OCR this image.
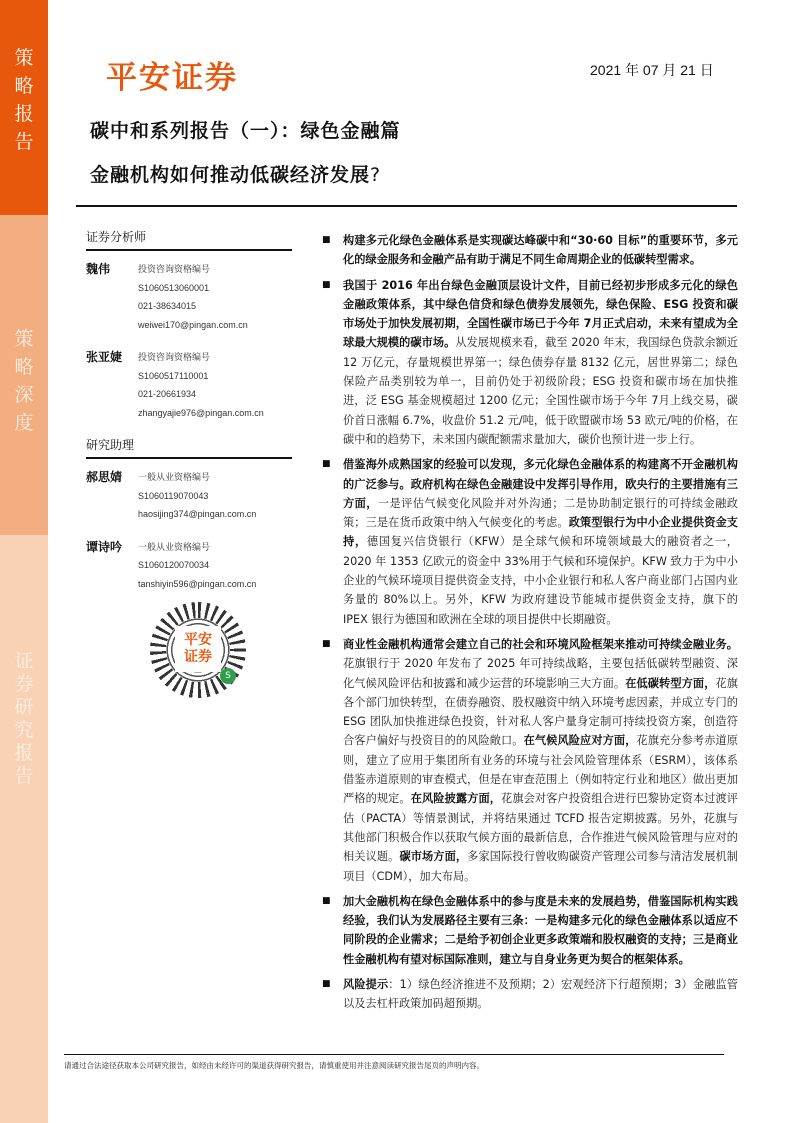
策
略
报
告
策
略
深
度
证
券
研
究
报
告
平安证券	2021 年 07 月 21 日
碳中和系列报告（一）：绿色金融篇
金融机构如何推动低碳经济发展?
证券分析师
魏伟	投资咨询资格编号
S1060513060001
021-38634015
weiwei170@pingan.com.cn
张亚婕	投资咨询资格编号
S1060517110001
021-20661934
zhangyajie976@pingan.com.cn
研究助理
郝思婧	一般从业资格编号
S1060119070043
haosijing374@pingan.com.cn
谭诗吟	一般从业资格编号
S1060120070034
tanshiyin596@pingan.com.cn
平安
证券
S
■	构建多元化绿色金融体系是实现碳达峰碳中和“30·60 目标”的重要环节，多元化的绿金服务和金融产品有助于满足不同生命周期企业的低碳转型需求。
■	我国于 2016 年出台绿色金融顶层设计文件，目前已经初步形成多元化的绿色金融政策体系，其中绿色信贷和绿色债券发展领先，绿色保险、ESG 投资和碳市场处于加快发展初期，全国性碳市场已于今年 7月正式启动，未来有望成为全球最大规模的碳市场。从发展规模来看，截至 2020 年末，我国绿色贷款余额近 12 万亿元，存量规模世界第一；绿色债券存量 8132 亿元，居世界第二；绿色保险产品类别较为单一，目前仍处于初级阶段；ESG 投资和碳市场在加快推进，泛 ESG 基金规模超过 1200 亿元；全国性碳市场于今年 7月上线交易，碳价首日涨幅 6.7%，收盘价 51.2 元/吨，低于欧盟碳市场 53 欧元/吨的价格，在碳中和的趋势下，未来国内碳配额需求量加大，碳价也预计进一步上行。
■	借鉴海外成熟国家的经验可以发现，多元化绿色金融体系的构建离不开金融机构的广泛参与。政府机构在绿色金融建设中发挥引导作用，欧央行的主要措施有三方面，一是评估气候变化风险并对外沟通；二是协助制定银行的可持续金融政策；三是在货币政策中纳入气候变化的考虑。政策型银行为中小企业提供资金支持，德国复兴信贷银行（KFW）是全球气候和环境领域最大的融资者之一，2020 年 1353 亿欧元的资金中 33%用于气候和环境保护。KFW 致力于为中小企业的气候环境项目提供资金支持，中小企业银行和私人客户商业部门占国内业务量的 80%以上。另外，KFW 为政府建设节能城市提供资金支持，旗下的 IPEX 银行为德国和欧洲在全球的项目提供中长期融资。
■	商业性金融机构通常会建立自己的社会和环境风险框架来推动可持续金融业务。花旗银行于 2020 年发布了 2025 年可持续战略，主要包括低碳转型融资、深化气候风险评估和披露和减少运营的环境影响三大方面。在低碳转型方面，花旗各个部门加快转型，在债券融资、股权融资中纳入环境考虑因素，并成立专门的 ESG 团队加快推进绿色投资，针对私人客户量身定制可持续投资方案，创造符合客户偏好与投资目的的风险敞口。在气候风险应对方面，花旗充分参考赤道原则，建立了应用于集团所有业务的环境与社会风险管理体系（ESRM），该体系借鉴赤道原则的审查模式，但是在审查范围上（例如特定行业和地区）做出更加严格的规定。在风险披露方面，花旗会对客户投资组合进行巴黎协定资本过渡评估（PACTA）等情景测试，并将结果通过 TCFD 报告定期披露。另外，花旗与其他部门积极合作以获取气候方面的最新信息，合作推进气候风险管理与应对的相关议题。碳市场方面，多家国际投行曾收购碳资产管理公司参与清洁发展机制项目（CDM），加大布局。
■	加大金融机构在绿色金融体系中的参与度是未来的发展趋势，借鉴国际机构实践经验，我们认为发展路径主要有三条：一是构建多元化的绿色金融体系以适应不同阶段的企业需求；二是给予初创企业更多政策端和股权融资的支持；三是商业性金融机构有望对标国际准则，建立与自身业务更为契合的框架体系。
■	风险提示：1）绿色经济推进不及预期；2）宏观经济下行超预期；3）金融监管以及去杠杆政策加码超预期。
请通过合法途径获取本公司研究报告，如经由未经许可的渠道获得研究报告，请慎重使用并注意阅读研究报告尾页的声明内容。
